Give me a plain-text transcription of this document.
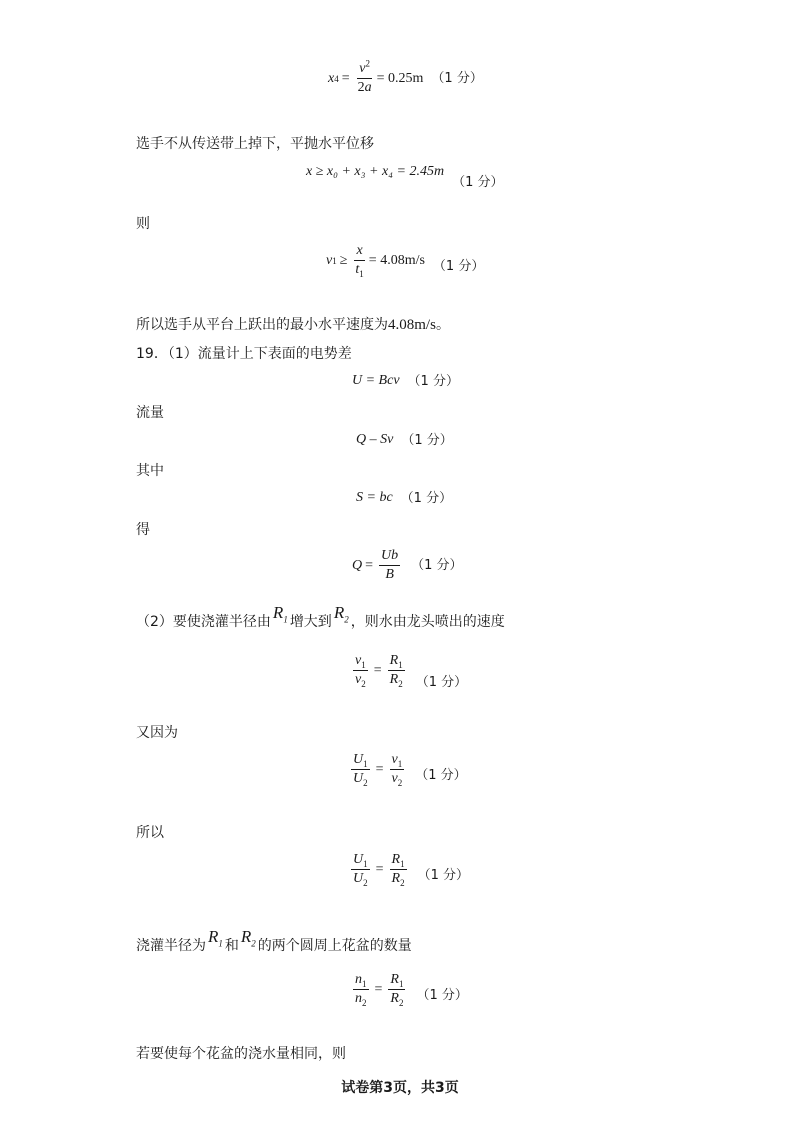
x $4 = \frac{v^2}{2a} = 0.25m$ （1 分）
选手不从传送带上掉下，平抛水平位移
x ≥ x₀ + x₃ + x₄ = 2.45m
（1 分）
则
v $1 \ge \frac{x}{t_1} = 4.08m/s$ （1 分）
所以选手从平台上跃出的最小水平速度为4.08m/s。
19．（1）流量计上下表面的电势差
U = Bcv （1 分）
流量
Q – Sv （1 分）
其中
S = bc （1 分）
得
$Q = \frac{Ub}{B} (1$ 分）
（2）要使浇灌半径由 $R_1$ 增大到 $R_2$ ，则水由龙头喷出的速度
$\frac{v_1}{v_2} = \frac{R_1}{R_2} (1$ 分）
又因为
$\frac{U_1}{U_2} = \frac{v_1}{v_2} (1$ 分）
所以
$\frac{U_1}{U_2} = \frac{R_1}{R_2} (1$ 分）
浇灌半径为 $R_1$ 和 $R_2$ 的两个圆周上花盆的数量
$\frac{n_1}{n_2} = \frac{R_1}{R_2} (1$ 分）
若要使每个花盆的浇水量相同，则
试卷第3页，共3页
